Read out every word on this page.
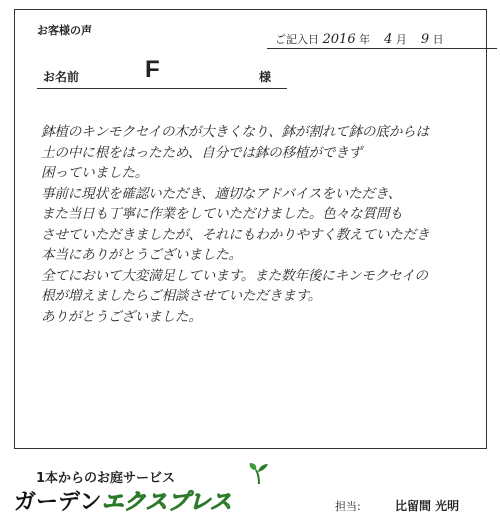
お客様の声
ご記入日 2016 年 4 月 9 日
お名前	F	様
鉢植のキンモクセイの木が大きくなり、鉢が割れて鉢の底からは
土の中に根をはったため、自分では鉢の移植ができず
困っていました。
事前に現状を確認いただき、適切なアドバイスをいただき、
また当日も丁寧に作業をしていただけました。色々な質問も
させていただきましたが、それにもわかりやすく教えていただき
本当にありがとうございました。
全てにおいて大変満足しています。また数年後にキンモクセイの
根が増えましたらご相談させていただきます。
ありがとうございました。
1本からのお庭サービス
ガーデンエクスプレス	担当:	比留間 光明
